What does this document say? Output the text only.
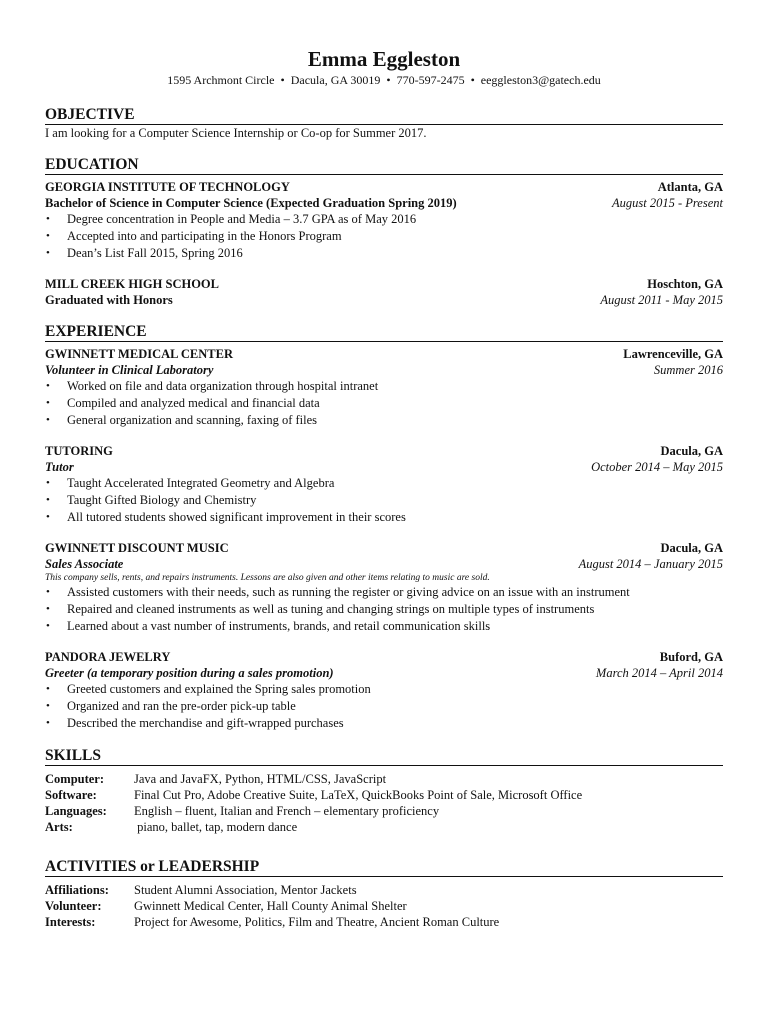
Emma Eggleston
1595 Archmont Circle • Dacula, GA 30019 • 770-597-2475 • eeggleston3@gatech.edu
OBJECTIVE
I am looking for a Computer Science Internship or Co-op for Summer 2017.
EDUCATION
GEORGIA INSTITUTE OF TECHNOLOGY	Atlanta, GA
Bachelor of Science in Computer Science (Expected Graduation Spring 2019)	August 2015 - Present
• Degree concentration in People and Media – 3.7 GPA as of May 2016
• Accepted into and participating in the Honors Program
• Dean’s List Fall 2015, Spring 2016
MILL CREEK HIGH SCHOOL	Hoschton, GA
Graduated with Honors	August 2011 - May 2015
EXPERIENCE
GWINNETT MEDICAL CENTER	Lawrenceville, GA
Volunteer in Clinical Laboratory	Summer 2016
• Worked on file and data organization through hospital intranet
• Compiled and analyzed medical and financial data
• General organization and scanning, faxing of files
TUTORING	Dacula, GA
Tutor	October 2014 – May 2015
• Taught Accelerated Integrated Geometry and Algebra
• Taught Gifted Biology and Chemistry
• All tutored students showed significant improvement in their scores
GWINNETT DISCOUNT MUSIC	Dacula, GA
Sales Associate	August 2014 – January 2015
This company sells, rents, and repairs instruments. Lessons are also given and other items relating to music are sold.
• Assisted customers with their needs, such as running the register or giving advice on an issue with an instrument
• Repaired and cleaned instruments as well as tuning and changing strings on multiple types of instruments
• Learned about a vast number of instruments, brands, and retail communication skills
PANDORA JEWELRY	Buford, GA
Greeter (a temporary position during a sales promotion)	March 2014 – April 2014
• Greeted customers and explained the Spring sales promotion
• Organized and ran the pre-order pick-up table
• Described the merchandise and gift-wrapped purchases
SKILLS
Computer:	Java and JavaFX, Python, HTML/CSS, JavaScript
Software:	Final Cut Pro, Adobe Creative Suite, LaTeX, QuickBooks Point of Sale, Microsoft Office
Languages:	English – fluent, Italian and French – elementary proficiency
Arts:	piano, ballet, tap, modern dance
ACTIVITIES or LEADERSHIP
Affiliations:	Student Alumni Association, Mentor Jackets
Volunteer:	Gwinnett Medical Center, Hall County Animal Shelter
Interests:	Project for Awesome, Politics, Film and Theatre, Ancient Roman Culture
